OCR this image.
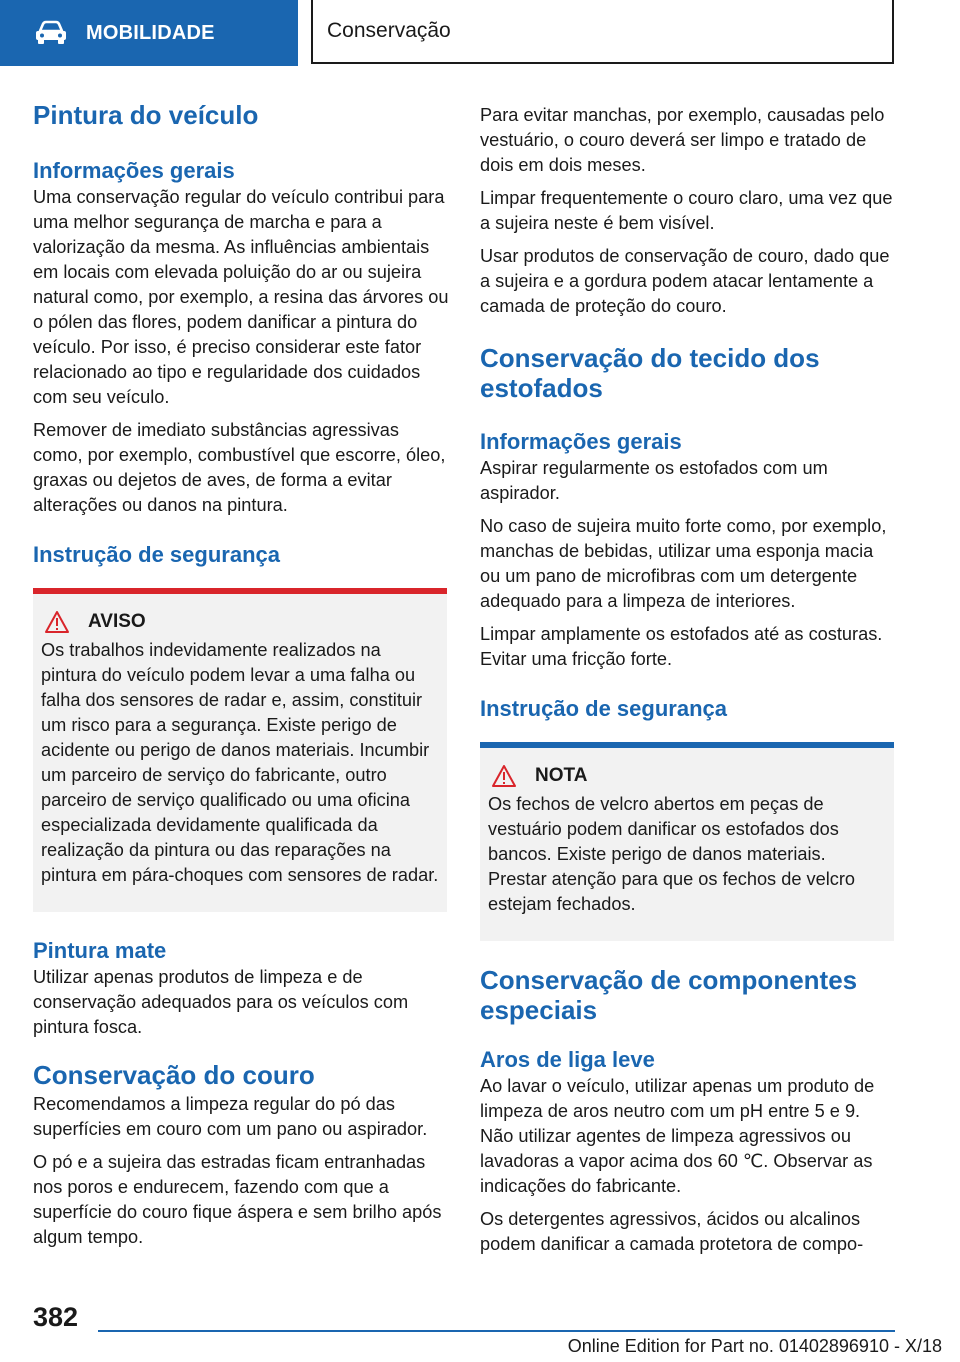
MOBILIDADE	Conservação
Pintura do veículo
Informações gerais

Uma conservação regular do veículo contribui para uma melhor segurança de marcha e para a valorização da mesma. As influências ambientais em locais com elevada poluição do ar ou sujeira natural como, por exemplo, a resina das árvores ou o pólen das flores, podem danificar a pintura do veículo. Por isso, é preciso considerar este fator relacionado ao tipo e regularidade dos cuidados com seu veículo.

Remover de imediato substâncias agressivas como, por exemplo, combustível que escorre, óleo, graxas ou dejetos de aves, de forma a evitar alterações ou danos na pintura.

Instrução de segurança
AVISO

Os trabalhos indevidamente realizados na pintura do veículo podem levar a uma falha ou falha dos sensores de radar e, assim, constituir um risco para a segurança. Existe perigo de acidente ou perigo de danos materiais. Incumbir um parceiro de serviço do fabricante, outro parceiro de serviço qualificado ou uma oficina especializada devidamente qualificada da realização da pintura ou das reparações na pintura em pára-choques com sensores de radar.

Pintura mate

Utilizar apenas produtos de limpeza e de conservação adequados para os veículos com pintura fosca.

Conservação do couro

Recomendamos a limpeza regular do pó das superfícies em couro com um pano ou aspirador.

O pó e a sujeira das estradas ficam entranhadas nos poros e endurecem, fazendo com que a superfície do couro fique áspera e sem brilho após algum tempo.

Para evitar manchas, por exemplo, causadas pelo vestuário, o couro deverá ser limpo e tratado de dois em dois meses.

Limpar frequentemente o couro claro, uma vez que a sujeira neste é bem visível.

Usar produtos de conservação de couro, dado que a sujeira e a gordura podem atacar lentamente a camada de proteção do couro.

Conservação do tecido dos estofados
Informações gerais

Aspirar regularmente os estofados com um aspirador.

No caso de sujeira muito forte como, por exemplo, manchas de bebidas, utilizar uma esponja macia ou um pano de microfibras com um detergente adequado para a limpeza de interiores.

Limpar amplamente os estofados até as costuras. Evitar uma fricção forte.

Instrução de segurança
NOTA

Os fechos de velcro abertos em peças de vestuário podem danificar os estofados dos bancos. Existe perigo de danos materiais. Prestar atenção para que os fechos de velcro estejam fechados.

Conservação de componentes especiais
Aros de liga leve

Ao lavar o veículo, utilizar apenas um produto de limpeza de aros neutro com um pH entre 5 e 9. Não utilizar agentes de limpeza agressivos ou lavadoras a vapor acima dos 60 ℃. Observar as indicações do fabricante.

Os detergentes agressivos, ácidos ou alcalinos podem danificar a camada protetora de compo-

382
Online Edition for Part no. 01402896910 - X/18
